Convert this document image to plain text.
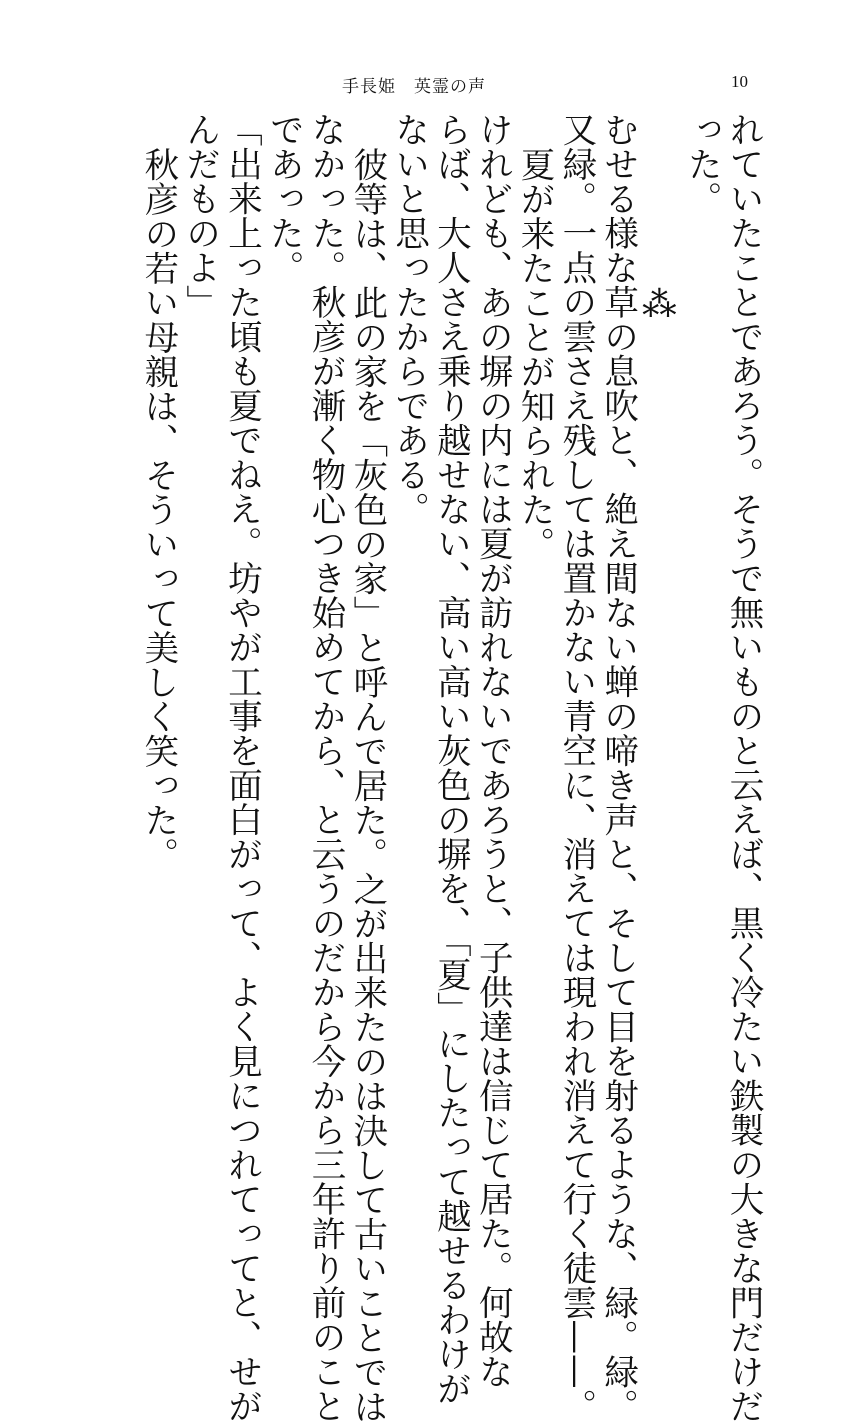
手長姫　英霊の声	10

れていたことであろう。そうで無いものと云えば、黒く冷たい鉄製の大きな門だけだ

った。

⁂

むせる様な草の息吹と、絶え間ない蝉の啼き声と、そして目を射るような、緑。緑。

又緑。一点の雲さえ残しては置かない青空に、消えては現われ消えて行く徒雲——。

夏が来たことが知られた。

けれども、あの塀の内には夏が訪れないであろうと、子供達は信じて居た。何故な

らば、大人さえ乗り越せない、高い高い灰色の塀を、「夏」にしたって越せるわけが

ないと思ったからである。

彼等は、此の家を「灰色の家」と呼んで居た。之が出来たのは決して古いことでは

なかった。秋彦が漸く物心つき始めてから、と云うのだから今から三年許り前のこと

であった。

「出来上った頃も夏でねえ。坊やが工事を面白がって、よく見につれてってと、せが

んだものよ」

秋彦の若い母親は、そういって美しく笑った。
